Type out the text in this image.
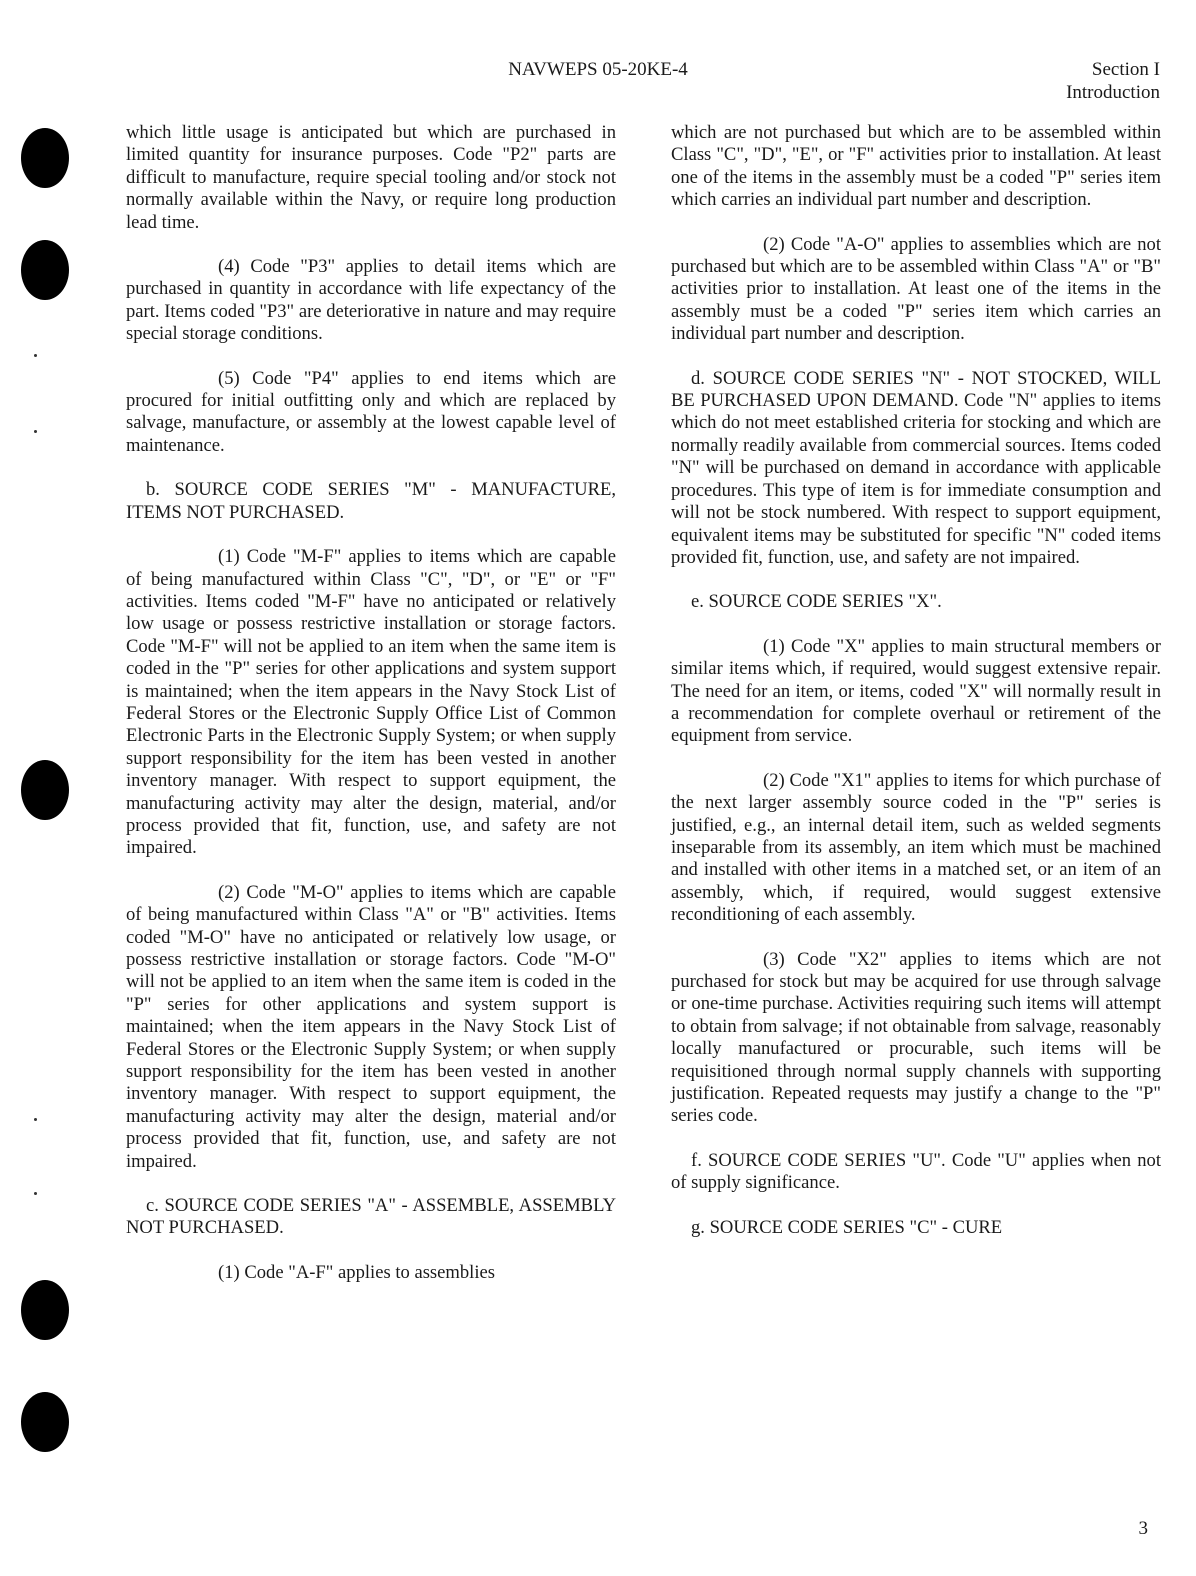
NAVWEPS 05-20KE-4	Section I
Introduction

which little usage is anticipated but which are purchased in limited quantity for insurance purposes. Code "P2" parts are difficult to manufacture, require special tooling and/or stock not normally available within the Navy, or require long production lead time.

(4) Code "P3" applies to detail items which are purchased in quantity in accordance with life expectancy of the part. Items coded "P3" are deteriorative in nature and may require special storage conditions.

(5) Code "P4" applies to end items which are procured for initial outfitting only and which are replaced by salvage, manufacture, or assembly at the lowest capable level of maintenance.

b. SOURCE CODE SERIES "M" - MANUFACTURE, ITEMS NOT PURCHASED.

(1) Code "M-F" applies to items which are capable of being manufactured within Class "C", "D", or "E" or "F" activities. Items coded "M-F" have no anticipated or relatively low usage or possess restrictive installation or storage factors. Code "M-F" will not be applied to an item when the same item is coded in the "P" series for other applications and system support is maintained; when the item appears in the Navy Stock List of Federal Stores or the Electronic Supply Office List of Common Electronic Parts in the Electronic Supply System; or when supply support responsibility for the item has been vested in another inventory manager. With respect to support equipment, the manufacturing activity may alter the design, material, and/or process provided that fit, function, use, and safety are not impaired.

(2) Code "M-O" applies to items which are capable of being manufactured within Class "A" or "B" activities. Items coded "M-O" have no anticipated or relatively low usage, or possess restrictive installation or storage factors. Code "M-O" will not be applied to an item when the same item is coded in the "P" series for other applications and system support is maintained; when the item appears in the Navy Stock List of Federal Stores or the Electronic Supply System; or when supply support responsibility for the item has been vested in another inventory manager. With respect to support equipment, the manufacturing activity may alter the design, material and/or process provided that fit, function, use, and safety are not impaired.

c. SOURCE CODE SERIES "A" - ASSEMBLE, ASSEMBLY NOT PURCHASED.

(1) Code "A-F" applies to assemblies

which are not purchased but which are to be assembled within Class "C", "D", "E", or "F" activities prior to installation. At least one of the items in the assembly must be a coded "P" series item which carries an individual part number and description.

(2) Code "A-O" applies to assemblies which are not purchased but which are to be assembled within Class "A" or "B" activities prior to installation. At least one of the items in the assembly must be a coded "P" series item which carries an individual part number and description.

d. SOURCE CODE SERIES "N" - NOT STOCKED, WILL BE PURCHASED UPON DEMAND. Code "N" applies to items which do not meet established criteria for stocking and which are normally readily available from commercial sources. Items coded "N" will be purchased on demand in accordance with applicable procedures. This type of item is for immediate consumption and will not be stock numbered. With respect to support equipment, equivalent items may be substituted for specific "N" coded items provided fit, function, use, and safety are not impaired.

e. SOURCE CODE SERIES "X".

(1) Code "X" applies to main structural members or similar items which, if required, would suggest extensive repair. The need for an item, or items, coded "X" will normally result in a recommendation for complete overhaul or retirement of the equipment from service.

(2) Code "X1" applies to items for which purchase of the next larger assembly source coded in the "P" series is justified, e.g., an internal detail item, such as welded segments inseparable from its assembly, an item which must be machined and installed with other items in a matched set, or an item of an assembly, which, if required, would suggest extensive reconditioning of each assembly.

(3) Code "X2" applies to items which are not purchased for stock but may be acquired for use through salvage or one-time purchase. Activities requiring such items will attempt to obtain from salvage; if not obtainable from salvage, reasonably locally manufactured or procurable, such items will be requisitioned through normal supply channels with supporting justification. Repeated requests may justify a change to the "P" series code.

f. SOURCE CODE SERIES "U". Code "U" applies when not of supply significance.

g. SOURCE CODE SERIES "C" - CURE

3
